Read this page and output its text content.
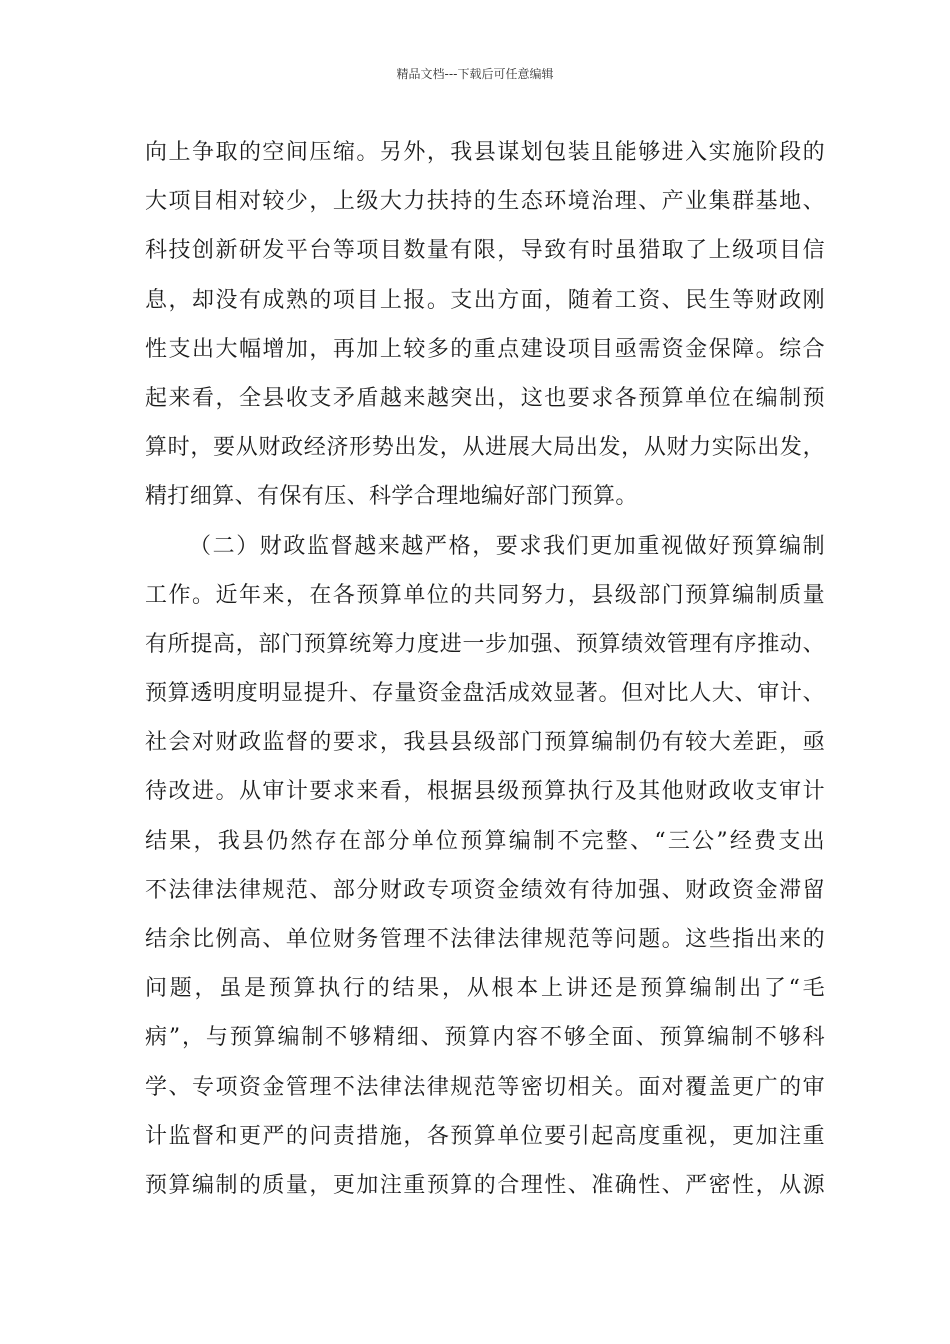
精品文档---下载后可任意编辑
向上争取的空间压缩。另外，我县谋划包装且能够进入实施阶段的
大项目相对较少，上级大力扶持的生态环境治理、产业集群基地、
科技创新研发平台等项目数量有限，导致有时虽猎取了上级项目信
息，却没有成熟的项目上报。支出方面，随着工资、民生等财政刚
性支出大幅增加，再加上较多的重点建设项目亟需资金保障。综合
起来看，全县收支矛盾越来越突出，这也要求各预算单位在编制预
算时，要从财政经济形势出发，从进展大局出发，从财力实际出发，
精打细算、有保有压、科学合理地编好部门预算。
（二）财政监督越来越严格，要求我们更加重视做好预算编制
工作。近年来，在各预算单位的共同努力，县级部门预算编制质量
有所提高，部门预算统筹力度进一步加强、预算绩效管理有序推动、
预算透明度明显提升、存量资金盘活成效显著。但对比人大、审计、
社会对财政监督的要求，我县县级部门预算编制仍有较大差距，亟
待改进。从审计要求来看，根据县级预算执行及其他财政收支审计
结果，我县仍然存在部分单位预算编制不完整、“三公”经费支出
不法律法律规范、部分财政专项资金绩效有待加强、财政资金滞留
结余比例高、单位财务管理不法律法律规范等问题。这些指出来的
问题，虽是预算执行的结果，从根本上讲还是预算编制出了“毛
病”，与预算编制不够精细、预算内容不够全面、预算编制不够科
学、专项资金管理不法律法律规范等密切相关。面对覆盖更广的审
计监督和更严的问责措施，各预算单位要引起高度重视，更加注重
预算编制的质量，更加注重预算的合理性、准确性、严密性，从源
